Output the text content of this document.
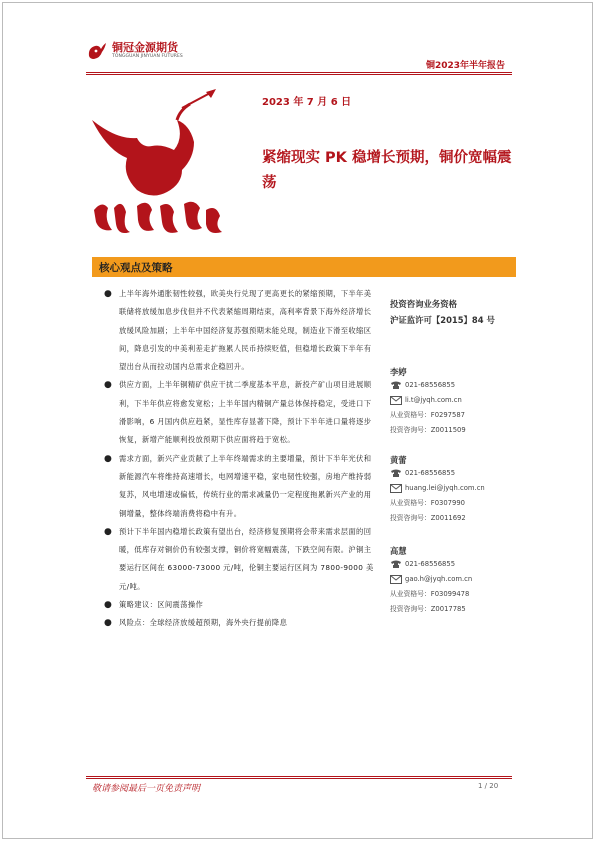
铜冠金源期货
TONGGUAN JINYUAN FUTURES
铜2023年半年报告
2023 年 7 月 6 日
紧缩现实 PK 稳增长预期，铜价宽幅震荡
核心观点及策略
● 上半年海外通胀韧性较强，欧美央行兑现了更高更长的紧缩预期，下半年美联储将放缓加息步伐但并不代表紧缩周期结束，高利率背景下海外经济增长放缓风险加剧；上半年中国经济复苏强预期未能兑现，制造业下滑至收缩区间，降息引发的中美利差走扩拖累人民币持续贬值，但稳增长政策下半年有望出台从而拉动国内总需求企稳回升。
● 供应方面，上半年铜精矿供应干扰二季度基本平息，新投产矿山项目进展顺利，下半年供应将愈发宽松；上半年国内精铜产量总体保持稳定，受进口下滑影响，6 月国内供应趋紧，显性库存显著下降，预计下半年进口量将逐步恢复，新增产能顺利投放预期下供应面将趋于宽松。
● 需求方面，新兴产业贡献了上半年终端需求的主要增量，预计下半年光伏和新能源汽车将维持高速增长，电网增速平稳，家电韧性较强，房地产维持弱复苏，风电增速或偏低，传统行业的需求减量仍一定程度拖累新兴产业的用铜增量，整体终端消费将稳中有升。
● 预计下半年国内稳增长政策有望出台，经济修复预期将会带来需求层面的回暖，低库存对铜价仍有较强支撑，铜价将宽幅震荡，下跌空间有限。沪铜主要运行区间在 63000-73000 元/吨，伦铜主要运行区间为 7800-9000 美元/吨。
● 策略建议：区间震荡操作
● 风险点：全球经济放缓超预期，海外央行提前降息
投资咨询业务资格
沪证监许可【2015】84 号
李婷
021-68556855
li.t@jyqh.com.cn
从业资格号：F0297587
投资咨询号：Z0011509
黄蕾
021-68556855
huang.lei@jyqh.com.cn
从业资格号：F0307990
投资咨询号：Z0011692
高慧
021-68556855
gao.h@jyqh.com.cn
从业资格号：F03099478
投资咨询号：Z0017785
敬请参阅最后一页免责声明	1 / 20
